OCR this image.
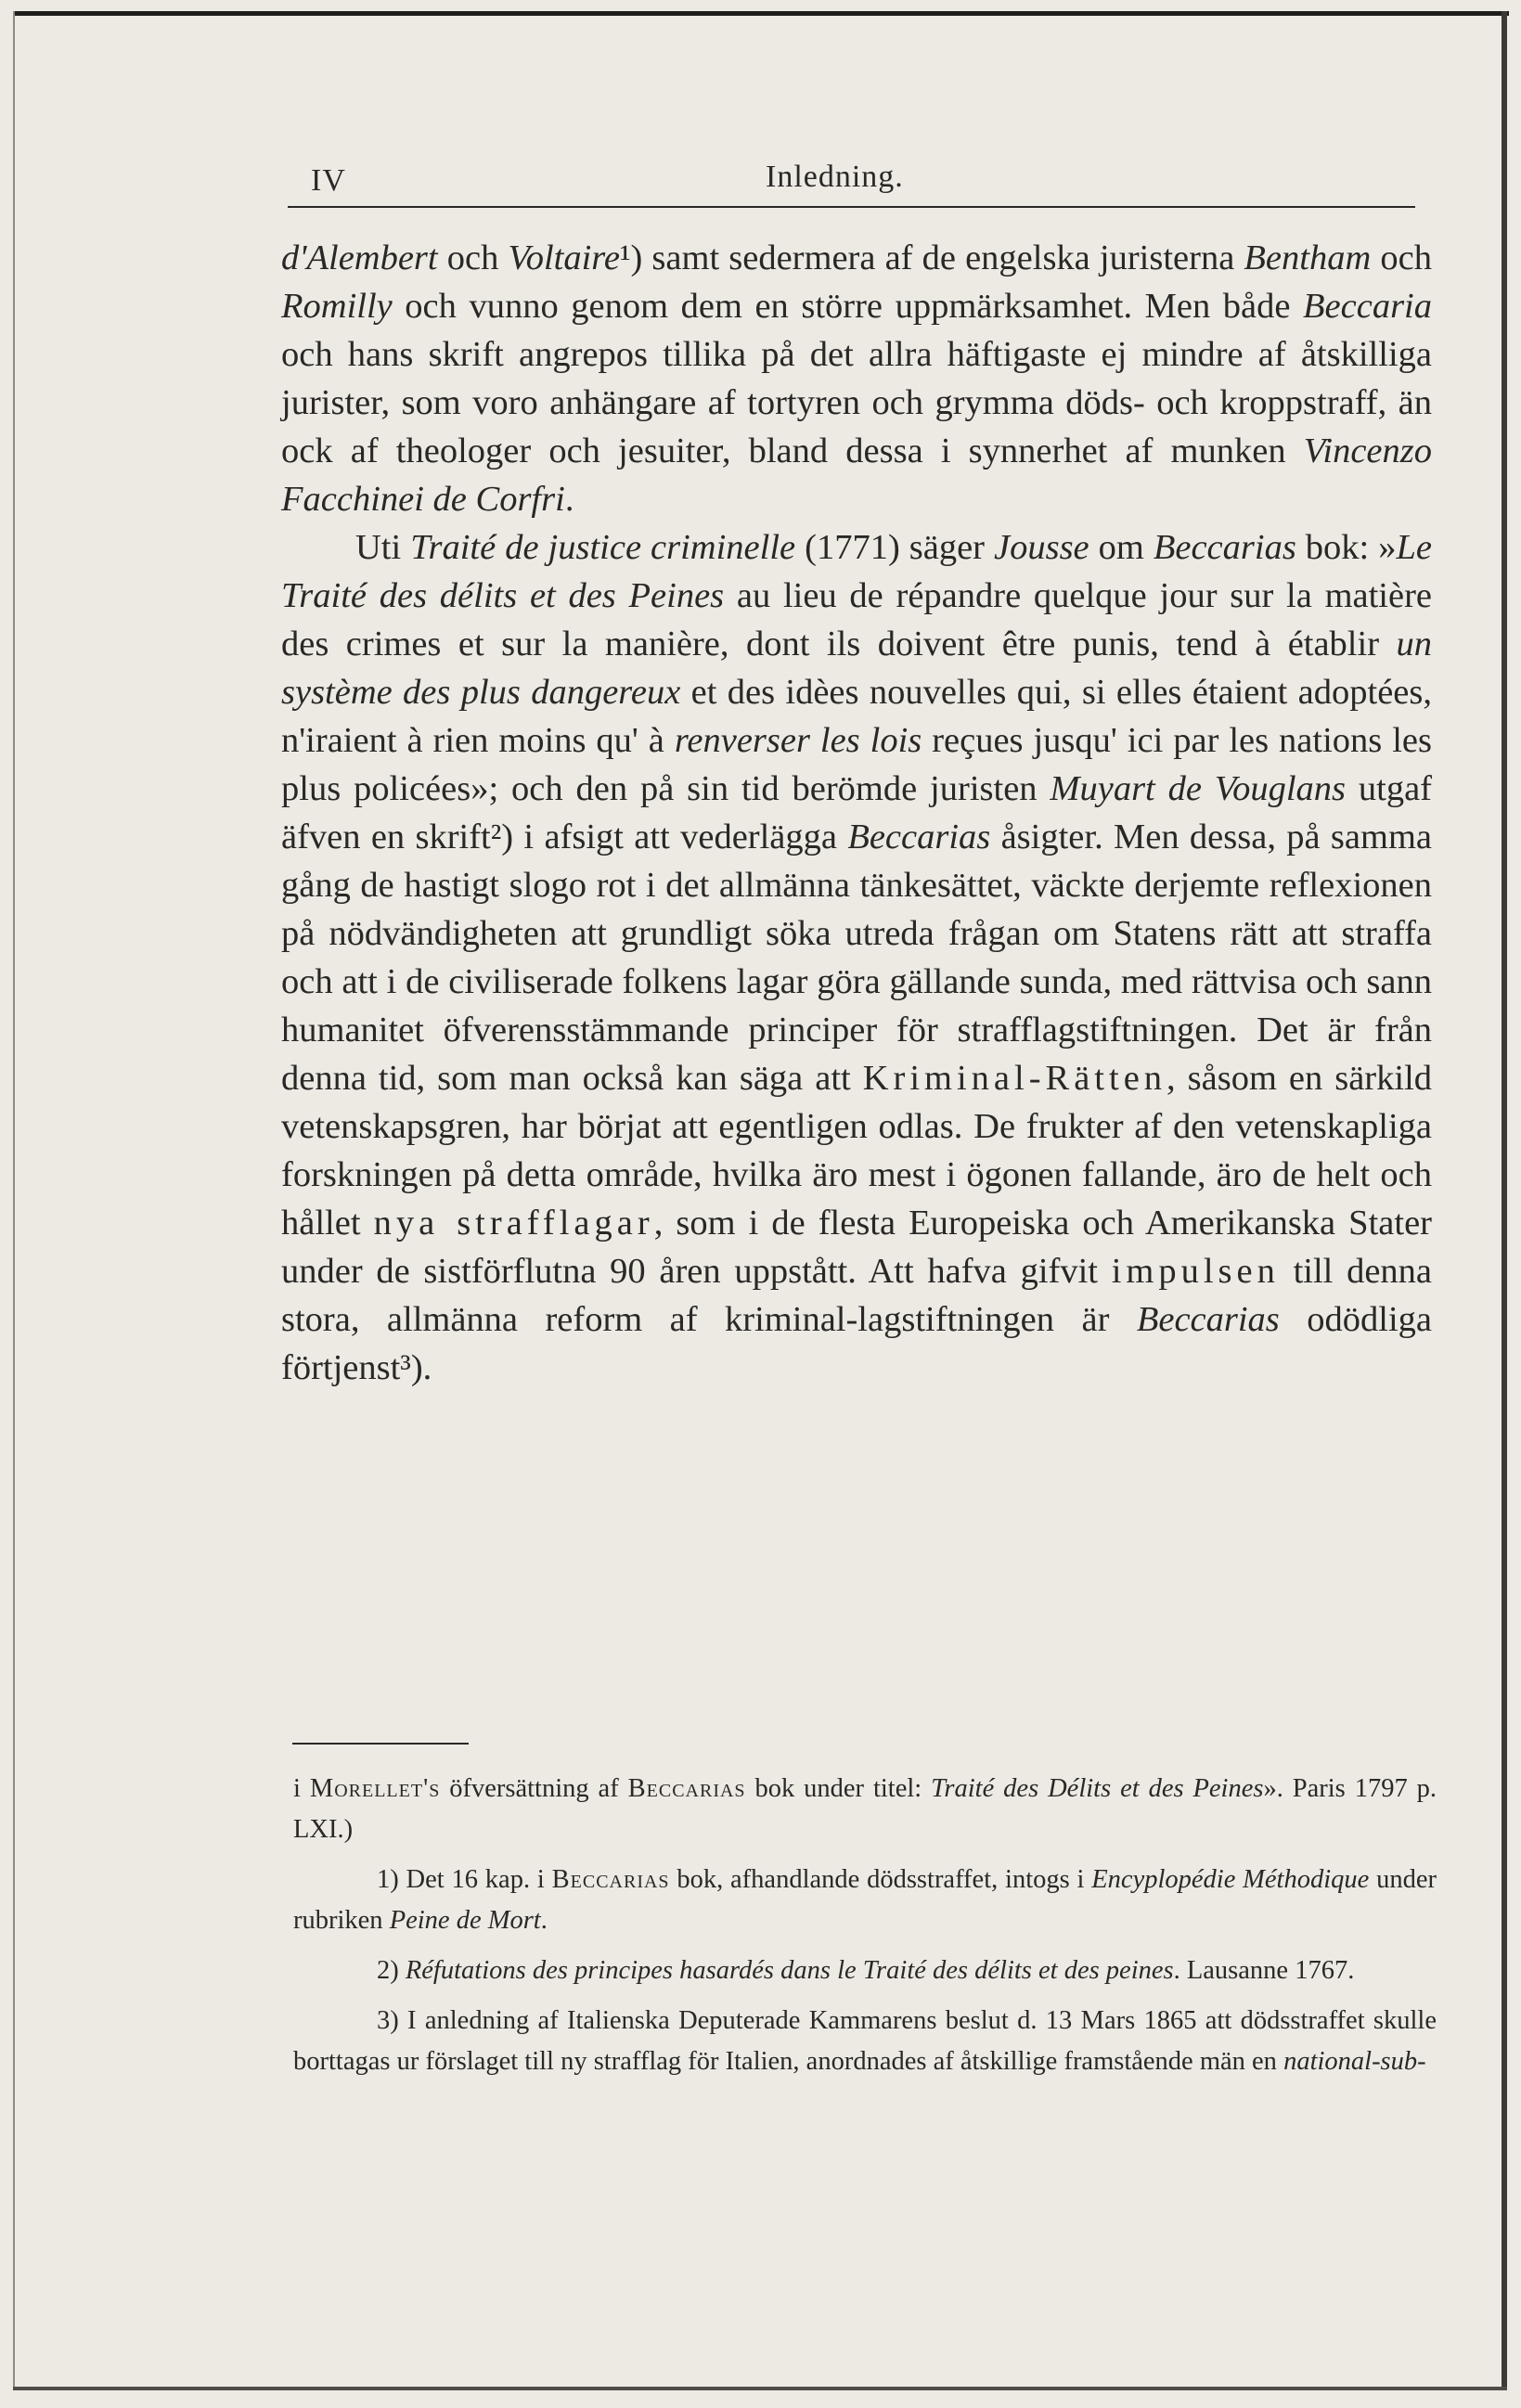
IV	Inledning.

d'Alembert och Voltaire¹) samt sedermera af de engelska juristerna Bentham och Romilly och vunno genom dem en större uppmärksamhet. Men både Beccaria och hans skrift angrepos tillika på det allra häftigaste ej mindre af åtskilliga jurister, som voro anhängare af tortyren och grymma döds- och kroppstraff, än ock af theologer och jesuiter, bland dessa i synnerhet af munken Vincenzo Facchinei de Corfri.

Uti Traité de justice criminelle (1771) säger Jousse om Beccarias bok: »Le Traité des délits et des Peines au lieu de répandre quelque jour sur la matière des crimes et sur la manière, dont ils doivent être punis, tend à établir un système des plus dangereux et des idèes nouvelles qui, si elles étaient adoptées, n'iraient à rien moins qu' à renverser les lois reçues jusqu' ici par les nations les plus policées»; och den på sin tid berömde juristen Muyart de Vouglans utgaf äfven en skrift²) i afsigt att vederlägga Beccarias åsigter. Men dessa, på samma gång de hastigt slogo rot i det allmänna tänkesättet, väckte derjemte reflexionen på nödvändigheten att grundligt söka utreda frågan om Statens rätt att straffa och att i de civiliserade folkens lagar göra gällande sunda, med rättvisa och sann humanitet öfverensstämmande principer för strafflagstiftningen. Det är från denna tid, som man också kan säga att Kriminal-Rätten, såsom en särkild vetenskapsgren, har börjat att egentligen odlas. De frukter af den vetenskapliga forskningen på detta område, hvilka äro mest i ögonen fallande, äro de helt och hållet nya strafflagar, som i de flesta Europeiska och Amerikanska Stater under de sistförflutna 90 åren uppstått. Att hafva gifvit impulsen till denna stora, allmänna reform af kriminal-lagstiftningen är Beccarias odödliga förtjenst³).

i Morellet's öfversättning af Beccarias bok under titel: Traité des Délits et des Peines». Paris 1797 p. LXI.)

1) Det 16 kap. i Beccarias bok, afhandlande dödsstraffet, intogs i Encyplopédie Méthodique under rubriken Peine de Mort.

2) Réfutations des principes hasardés dans le Traité des délits et des peines. Lausanne 1767.

3) I anledning af Italienska Deputerade Kammarens beslut d. 13 Mars 1865 att dödsstraffet skulle borttagas ur förslaget till ny strafflag för Italien, anordnades af åtskillige framstående män en national-sub-
